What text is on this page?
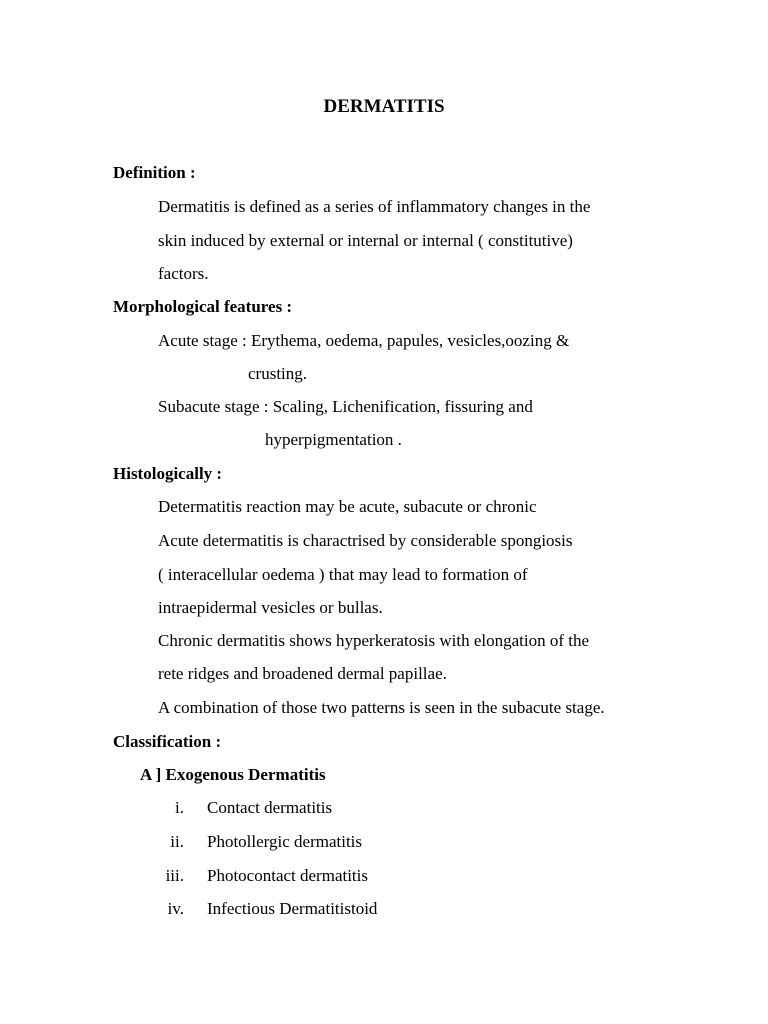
DERMATITIS
Definition :
Dermatitis is defined as a series of inflammatory changes in the
skin induced by external or internal or internal ( constitutive)
factors.
Morphological features :
Acute stage : Erythema, oedema, papules, vesicles,oozing &
crusting.
Subacute stage : Scaling, Lichenification, fissuring and
hyperpigmentation .
Histologically :
Determatitis reaction may be acute, subacute or chronic
Acute determatitis is charactrised by considerable spongiosis
( interacellular oedema ) that may lead to formation of
intraepidermal vesicles or bullas.
Chronic dermatitis shows hyperkeratosis with elongation of the
rete ridges and broadened dermal papillae.
A combination of those two patterns is seen in the subacute stage.
Classification :
A ] Exogenous Dermatitis
i. Contact dermatitis
ii. Photollergic dermatitis
iii. Photocontact dermatitis
iv. Infectious Dermatitistoid
